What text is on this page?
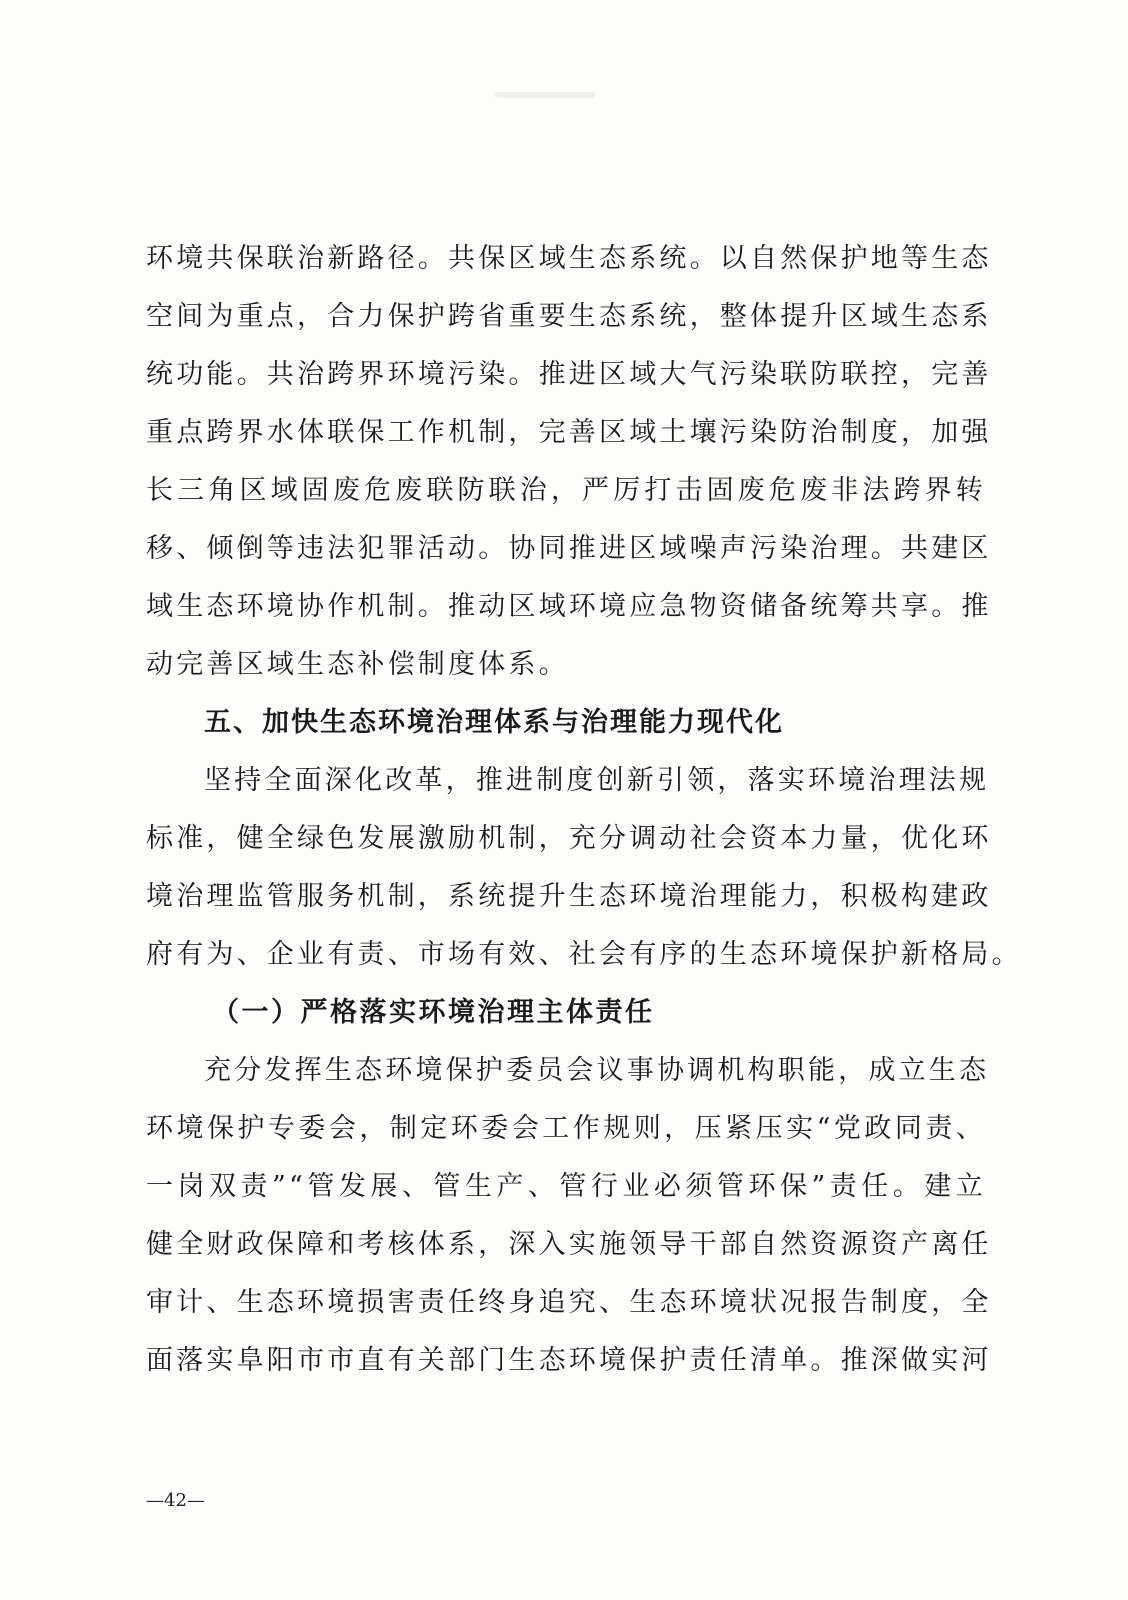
环境共保联治新路径。共保区域生态系统。以自然保护地等生态
空间为重点，合力保护跨省重要生态系统，整体提升区域生态系
统功能。共治跨界环境污染。推进区域大气污染联防联控，完善
重点跨界水体联保工作机制，完善区域土壤污染防治制度，加强
长三角区域固废危废联防联治，严厉打击固废危废非法跨界转
移、倾倒等违法犯罪活动。协同推进区域噪声污染治理。共建区
域生态环境协作机制。推动区域环境应急物资储备统筹共享。推
动完善区域生态补偿制度体系。
五、加快生态环境治理体系与治理能力现代化
坚持全面深化改革，推进制度创新引领，落实环境治理法规
标准，健全绿色发展激励机制，充分调动社会资本力量，优化环
境治理监管服务机制，系统提升生态环境治理能力，积极构建政
府有为、企业有责、市场有效、社会有序的生态环境保护新格局。
（一）严格落实环境治理主体责任
充分发挥生态环境保护委员会议事协调机构职能，成立生态
环境保护专委会，制定环委会工作规则，压紧压实“党政同责、
一岗双责”“管发展、管生产、管行业必须管环保”责任。建立
健全财政保障和考核体系，深入实施领导干部自然资源资产离任
审计、生态环境损害责任终身追究、生态环境状况报告制度，全
面落实阜阳市市直有关部门生态环境保护责任清单。推深做实河
—42—
